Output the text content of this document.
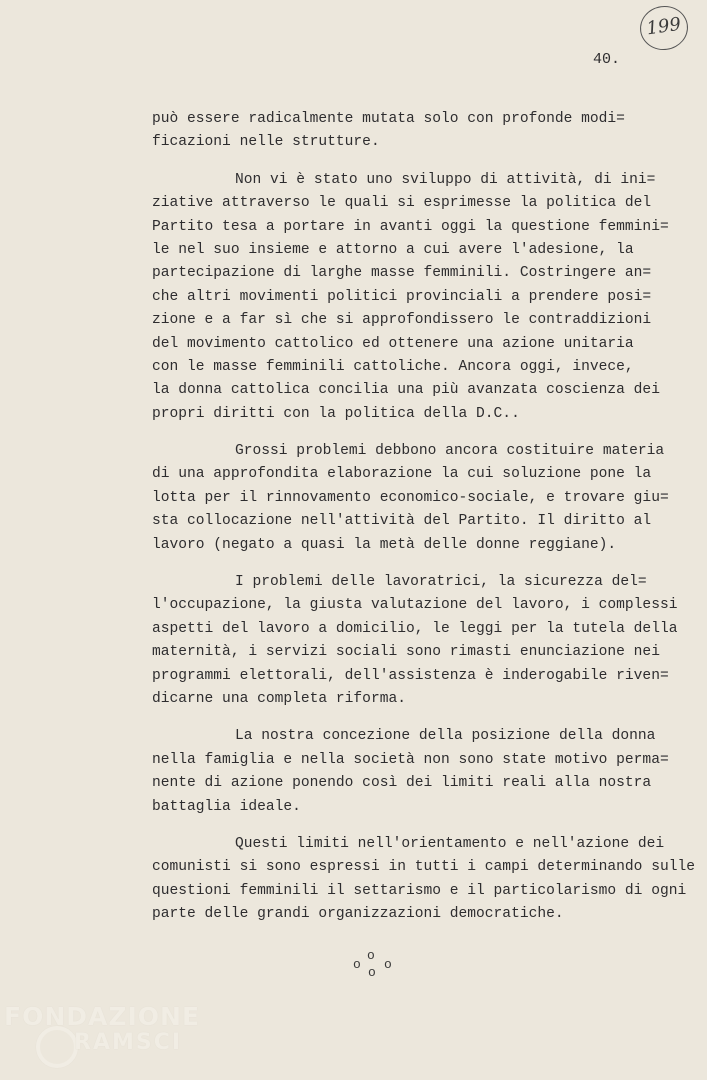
199
40.
può essere radicalmente mutata solo con profonde modi=
ficazioni nelle strutture.
Non vi è stato uno sviluppo di attività, di ini=
ziative attraverso le quali si esprimesse la politica del
Partito tesa a portare in avanti oggi la questione femmini=
le nel suo insieme e attorno a cui avere l'adesione, la
partecipazione di larghe masse femminili. Costringere an=
che altri movimenti politici provinciali a prendere posi=
zione e a far sì che si approfondissero le contraddizioni
del movimento cattolico ed ottenere una azione unitaria
con le masse femminili cattoliche. Ancora oggi, invece,
la donna cattolica concilia una più avanzata coscienza dei
propri diritti con la politica della D.C..
Grossi problemi debbono ancora costituire materia
di una approfondita elaborazione la cui soluzione pone la
lotta per il rinnovamento economico-sociale, e trovare giu=
sta collocazione nell'attività del Partito. Il diritto al
lavoro (negato a quasi la metà delle donne reggiane).
I problemi delle lavoratrici, la sicurezza del=
l'occupazione, la giusta valutazione del lavoro, i complessi
aspetti del lavoro a domicilio, le leggi per la tutela della
maternità, i servizi sociali sono rimasti enunciazione nei
programmi elettorali, dell'assistenza è inderogabile riven=
dicarne una completa riforma.
La nostra concezione della posizione della donna
nella famiglia e nella società non sono state motivo perma=
nente di azione ponendo così dei limiti reali alla nostra
battaglia ideale.
Questi limiti nell'orientamento e nell'azione dei
comunisti si sono espressi in tutti i campi determinando sulle
questioni femminili il settarismo e il particolarismo di ogni
parte delle grandi organizzazioni democratiche.
o
o o
o
FONDAZIONE
RAMSCI
